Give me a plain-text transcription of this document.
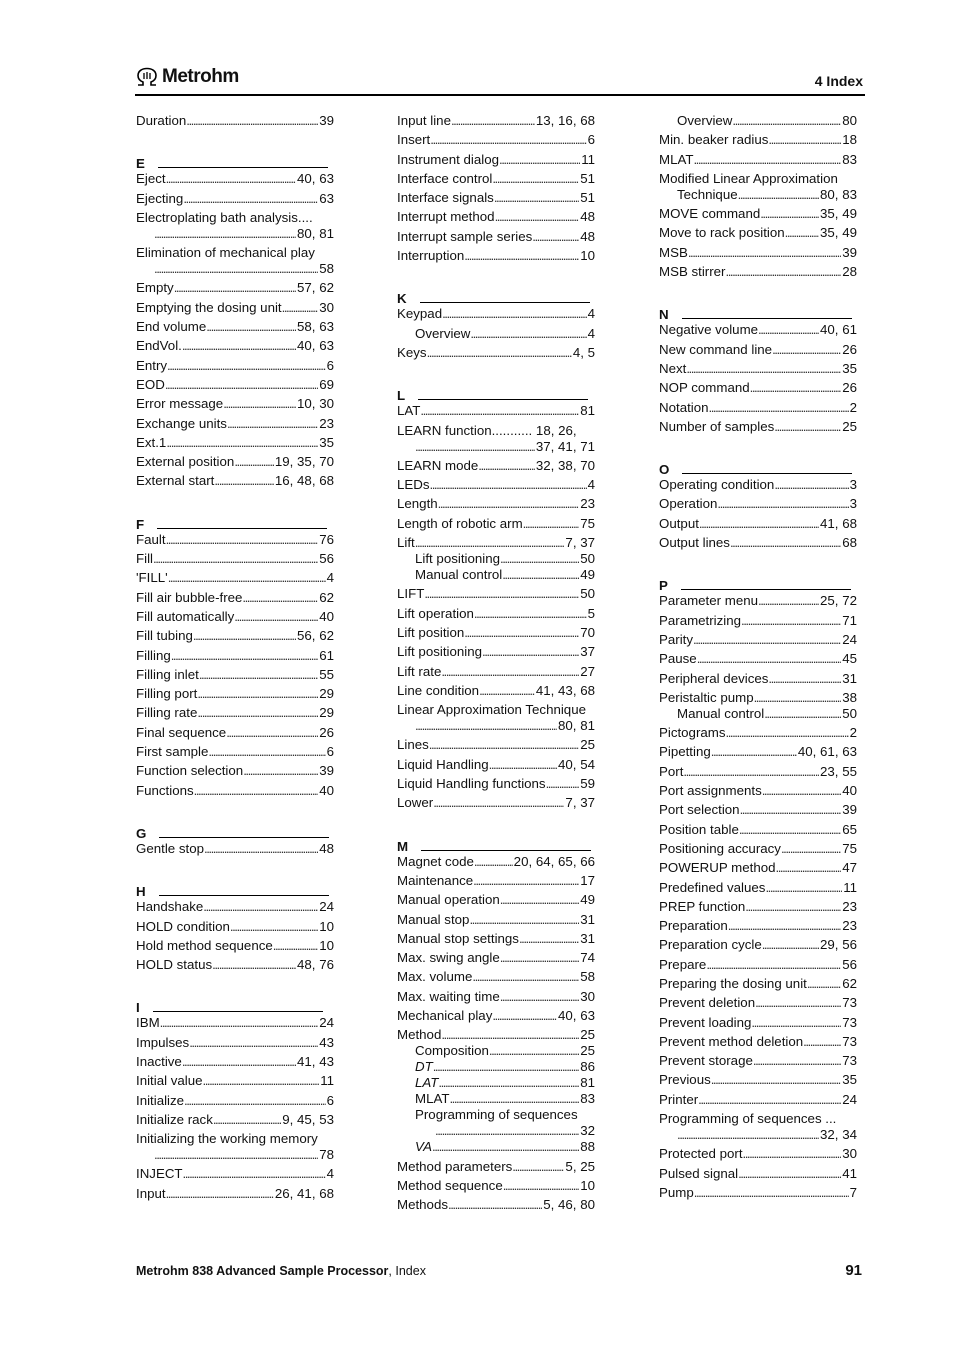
Metrohm	4 Index
Duration . . .	39
E
Eject . . .	40, 63
Ejecting . . .	63
Electroplating bath analysis....
. . .
80, 81
Elimination of mechanical play
. . .
58
Empty . . .	57, 62
Emptying the dosing unit . . .	30
End volume . . .	58, 63
EndVol. . . .	40, 63
Entry . . .	6
EOD . . .	69
Error message . . .	10, 30
Exchange units . . .	23
Ext.1 . . .	35
External position . . .	19, 35, 70
External start . . .	16, 48, 68
F
Fault . . .	76
Fill . . .	56
'FILL' . . .	4
Fill air bubble-free . . .	62
Fill automatically . . .	40
Fill tubing . . .	56, 62
Filling . . .	61
Filling inlet . . .	55
Filling port . . .	29
Filling rate . . .	29
Final sequence . . .	26
First sample . . .	6
Function selection . . .	39
Functions . . .	40
G
Gentle stop . . .	48
H
Handshake . . .	24
HOLD condition . . .	10
Hold method sequence . . .	10
HOLD status . . .	48, 76
I
IBM . . .	24
Impulses . . .	43
Inactive . . .	41, 43
Initial value . . .	11
Initialize . . .	6
Initialize rack . . .	9, 45, 53
Initializing the working memory
. . .
78
INJECT . . .	4
Input . . .	26, 41, 68
Input line . . .	13, 16, 68
Insert . . .	6
Instrument dialog . . .	11
Interface control . . .	51
Interface signals . . .	51
Interrupt method . . .	48
Interrupt sample series . . .	48
Interruption . . .	10
K
Keypad . . .	4
Overview . . .	4
Keys . . .	4, 5
L
LAT . . .	81
LEARN function........... 18, 26,
. . .
37, 41, 71
LEARN mode . . .	32, 38, 70
LEDs . . .	4
Length . . .	23
Length of robotic arm . . .	75
Lift . . .	7, 37
Lift positioning . . .	50
Manual control . . .	49
LIFT . . .	50
Lift operation . . .	5
Lift position . . .	70
Lift positioning . . .	37
Lift rate . . .	27
Line condition . . .	41, 43, 68
Linear Approximation Technique
. . .
80, 81
Lines . . .	25
Liquid Handling . . .	40, 54
Liquid Handling functions . . .	59
Lower . . .	7, 37
M
Magnet code . . .	20, 64, 65, 66
Maintenance . . .	17
Manual operation . . .	49
Manual stop . . .	31
Manual stop settings . . .	31
Max. swing angle . . .	74
Max. volume . . .	58
Max. waiting time . . .	30
Mechanical play . . .	40, 63
Method . . .	25
Composition . . .	25
DT . . .	86
LAT . . .	81
MLAT . . .	83
Programming of sequences
. . .
32
VA . . .	88
Method parameters . . .	5, 25
Method sequence . . .	10
Methods . . .	5, 46, 80
Overview . . .	80
Min. beaker radius . . .	18
MLAT . . .	83
Modified Linear Approximation
Technique . . .	80, 83
MOVE command . . .	35, 49
Move to rack position . . .	35, 49
MSB . . .	39
MSB stirrer . . .	28
N
Negative volume . . .	40, 61
New command line . . .	26
Next . . .	35
NOP command . . .	26
Notation . . .	2
Number of samples . . .	25
O
Operating condition . . .	3
Operation . . .	3
Output . . .	41, 68
Output lines . . .	68
P
Parameter menu . . .	25, 72
Parametrizing . . .	71
Parity . . .	24
Pause . . .	45
Peripheral devices . . .	31
Peristaltic pump . . .	38
Manual control . . .	50
Pictograms . . .	2
Pipetting . . .	40, 61, 63
Port . . .	23, 55
Port assignments . . .	40
Port selection . . .	39
Position table . . .	65
Positioning accuracy . . .	75
POWERUP method . . .	47
Predefined values . . .	11
PREP function . . .	23
Preparation . . .	23
Preparation cycle . . .	29, 56
Prepare . . .	56
Preparing the dosing unit . . .	62
Prevent deletion . . .	73
Prevent loading . . .	73
Prevent method deletion . . .	73
Prevent storage . . .	73
Previous . . .	35
Printer . . .	24
Programming of sequences ...
. . .
32, 34
Protected port . . .	30
Pulsed signal . . .	41
Pump . . .	7
Metrohm 838 Advanced Sample Processor, Index	91
